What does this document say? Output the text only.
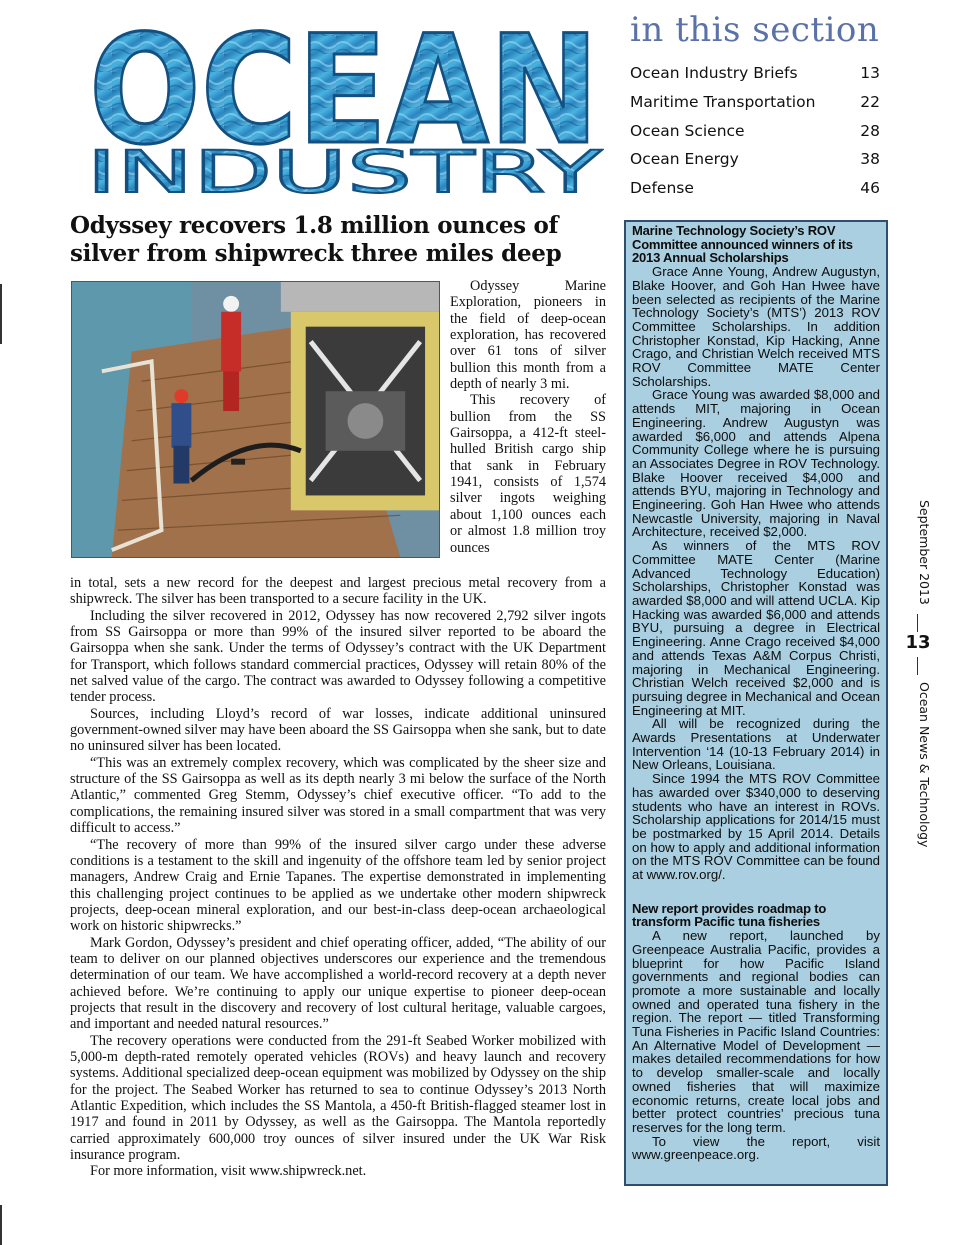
OCEAN
INDUSTRY
in this section
Ocean Industry Briefs	13
Maritime Transportation	22
Ocean Science	28
Ocean Energy	38
Defense	46
Odyssey recovers 1.8 million ounces of silver from shipwreck three miles deep

Odyssey Marine Exploration, pioneers in the field of deep-ocean exploration, has recovered over 61 tons of silver bullion this month from a depth of nearly 3 mi.

This recovery of bullion from the SS Gairsoppa, a 412-ft steel-hulled British cargo ship that sank in February 1941, consists of 1,574 silver ingots weighing about 1,100 ounces each or almost 1.8 million troy ounces

in total, sets a new record for the deepest and largest precious metal recovery from a shipwreck. The silver has been transported to a secure facility in the UK.

Including the silver recovered in 2012, Odyssey has now recovered 2,792 silver ingots from SS Gairsoppa or more than 99% of the insured silver reported to be aboard the Gairsoppa when she sank. Under the terms of Odyssey’s contract with the UK Department for Transport, which follows standard commercial practices, Odyssey will retain 80% of the net salved value of the cargo. The contract was awarded to Odyssey following a competitive tender process.

Sources, including Lloyd’s record of war losses, indicate additional uninsured government-owned silver may have been aboard the SS Gairsoppa when she sank, but to date no uninsured silver has been located.

“This was an extremely complex recovery, which was complicated by the sheer size and structure of the SS Gairsoppa as well as its depth nearly 3 mi below the surface of the North Atlantic,” commented Greg Stemm, Odyssey’s chief executive officer. “To add to the complications, the remaining insured silver was stored in a small compartment that was very difficult to access.”

“The recovery of more than 99% of the insured silver cargo under these adverse conditions is a testament to the skill and ingenuity of the offshore team led by senior project managers, Andrew Craig and Ernie Tapanes. The expertise demonstrated in implementing this challenging project continues to be applied as we undertake other modern shipwreck projects, deep-ocean mineral exploration, and our best-in-class deep-ocean archaeological work on historic shipwrecks.”

Mark Gordon, Odyssey’s president and chief operating officer, added, “The ability of our team to deliver on our planned objectives underscores our experience and the tremendous determination of our team. We have accomplished a world-record recovery at a depth never achieved before. We’re continuing to apply our unique expertise to pioneer deep-ocean projects that result in the discovery and recovery of lost cultural heritage, valuable cargoes, and important and needed natural resources.”

The recovery operations were conducted from the 291-ft Seabed Worker mobilized with 5,000-m depth-rated remotely operated vehicles (ROVs) and heavy launch and recovery systems. Additional specialized deep-ocean equipment was mobilized by Odyssey on the ship for the project. The Seabed Worker has returned to sea to continue Odyssey’s 2013 North Atlantic Expedition, which includes the SS Mantola, a 450-ft British-flagged steamer lost in 1917 and found in 2011 by Odyssey, as well as the Gairsoppa. The Mantola reportedly carried approximately 600,000 troy ounces of silver insured under the UK War Risk insurance program.

For more information, visit www.shipwreck.net.

Marine Technology Society’s ROV Committee announced winners of its 2013 Annual Scholarships

Grace Anne Young, Andrew Augustyn, Blake Hoover, and Goh Han Hwee have been selected as recipients of the Marine Technology Society’s (MTS’) 2013 ROV Committee Scholarships. In addition Christopher Konstad, Kip Hacking, Anne Crago, and Christian Welch received MTS ROV Committee MATE Center Scholarships.

Grace Young was awarded $8,000 and attends MIT, majoring in Ocean Engineering. Andrew Augustyn was awarded $6,000 and attends Alpena Community College where he is pursuing an Associates Degree in ROV Technology. Blake Hoover received $4,000 and attends BYU, majoring in Technology and Engineering. Goh Han Hwee who attends Newcastle University, majoring in Naval Architecture, received $2,000.

As winners of the MTS ROV Committee MATE Center (Marine Advanced Technology Education) Scholarships, Christopher Konstad was awarded $8,000 and will attend UCLA. Kip Hacking was awarded $6,000 and attends BYU, pursuing a degree in Electrical Engineering. Anne Crago received $4,000 and attends Texas A&M Corpus Christi, majoring in Mechanical Engineering. Christian Welch received $2,000 and is pursuing degree in Mechanical and Ocean Engineering at MIT.

All will be recognized during the Awards Presentations at Underwater Intervention ‘14 (10-13 February 2014) in New Orleans, Louisiana.

Since 1994 the MTS ROV Committee has awarded over $340,000 to deserving students who have an interest in ROVs. Scholarship applications for 2014/15 must be postmarked by 15 April 2014. Details on how to apply and additional information on the MTS ROV Committee can be found at www.rov.org/.

New report provides roadmap to transform Pacific tuna fisheries

A new report, launched by Greenpeace Australia Pacific, provides a blueprint for how Pacific Island governments and regional bodies can promote a more sustainable and locally owned and operated tuna fishery in the region. The report — titled Transforming Tuna Fisheries in Pacific Island Countries: An Alternative Model of Development — makes detailed recommendations for how to develop smaller-scale and locally owned fisheries that will maximize economic returns, create local jobs and better protect countries’ precious tuna reserves for the long term.

To view the report, visit www.greenpeace.org.

September 2013
13
Ocean News & Technology
